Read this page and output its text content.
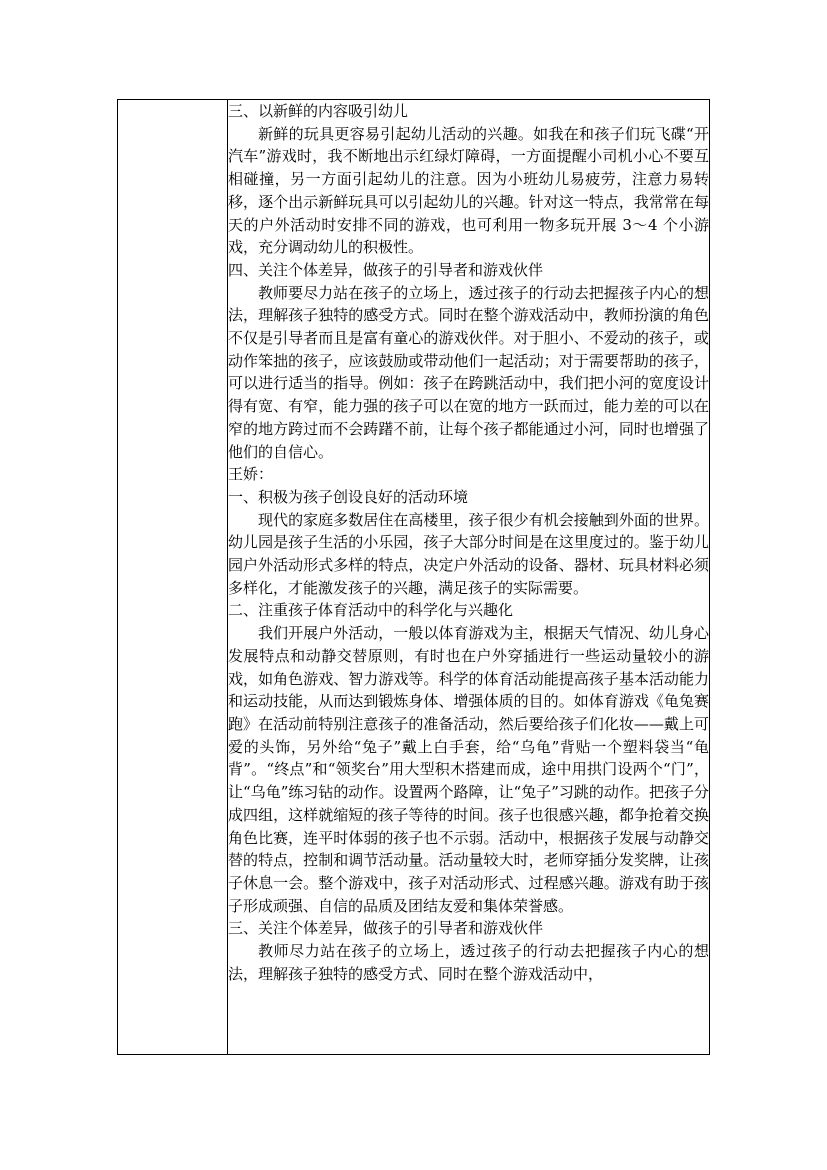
三、以新鲜的内容吸引幼儿

新鲜的玩具更容易引起幼儿活动的兴趣。如我在和孩子们玩飞碟“开汽车”游戏时，我不断地出示红绿灯障碍，一方面提醒小司机小心不要互相碰撞，另一方面引起幼儿的注意。因为小班幼儿易疲劳，注意力易转移，逐个出示新鲜玩具可以引起幼儿的兴趣。针对这一特点，我常常在每天的户外活动时安排不同的游戏，也可利用一物多玩开展 3～4 个小游戏，充分调动幼儿的积极性。

四、关注个体差异，做孩子的引导者和游戏伙伴

教师要尽力站在孩子的立场上，透过孩子的行动去把握孩子内心的想法，理解孩子独特的感受方式。同时在整个游戏活动中，教师扮演的角色不仅是引导者而且是富有童心的游戏伙伴。对于胆小、不爱动的孩子，或动作笨拙的孩子，应该鼓励或带动他们一起活动；对于需要帮助的孩子，可以进行适当的指导。例如：孩子在跨跳活动中，我们把小河的宽度设计得有宽、有窄，能力强的孩子可以在宽的地方一跃而过，能力差的可以在窄的地方跨过而不会踌躇不前，让每个孩子都能通过小河，同时也增强了他们的自信心。

王娇：

一、积极为孩子创设良好的活动环境

现代的家庭多数居住在高楼里，孩子很少有机会接触到外面的世界。幼儿园是孩子生活的小乐园，孩子大部分时间是在这里度过的。鉴于幼儿园户外活动形式多样的特点，决定户外活动的设备、器材、玩具材料必须多样化，才能激发孩子的兴趣，满足孩子的实际需要。

二、注重孩子体育活动中的科学化与兴趣化

我们开展户外活动，一般以体育游戏为主，根据天气情况、幼儿身心发展特点和动静交替原则，有时也在户外穿插进行一些运动量较小的游戏，如角色游戏、智力游戏等。科学的体育活动能提高孩子基本活动能力和运动技能，从而达到锻炼身体、增强体质的目的。如体育游戏《龟兔赛跑》在活动前特别注意孩子的准备活动，然后要给孩子们化妆——戴上可爱的头饰，另外给“兔子”戴上白手套，给“乌龟”背贴一个塑料袋当“龟背”。“终点”和“领奖台”用大型积木搭建而成，途中用拱门设两个“门”，让“乌龟”练习钻的动作。设置两个路障，让“兔子”习跳的动作。把孩子分成四组，这样就缩短的孩子等待的时间。孩子也很感兴趣，都争抢着交换角色比赛，连平时体弱的孩子也不示弱。活动中，根据孩子发展与动静交替的特点，控制和调节活动量。活动量较大时，老师穿插分发奖牌，让孩子休息一会。整个游戏中，孩子对活动形式、过程感兴趣。游戏有助于孩子形成顽强、自信的品质及团结友爱和集体荣誉感。

三、关注个体差异，做孩子的引导者和游戏伙伴

教师尽力站在孩子的立场上，透过孩子的行动去把握孩子内心的想法，理解孩子独特的感受方式、同时在整个游戏活动中，
